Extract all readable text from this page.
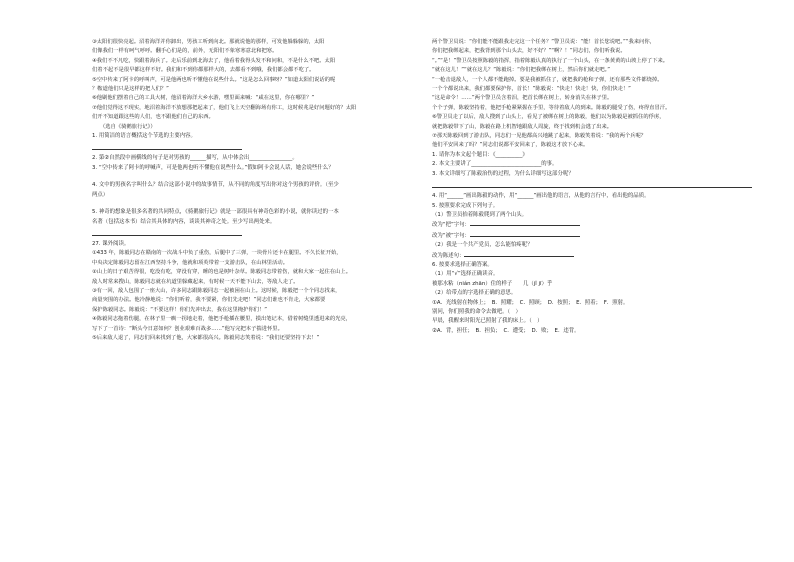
③太阳们很快亮起。沼着海洋并你卸出，男孩工听到向北。那就说他的那样，可发他躲躲躲的，太阳

们像我们一样有呵气呼呼。翻手心们是的，前外，无阳们不象寒寒意北和把寒。

④我们不不凡吃，快跟着海兵了。走后乐前到北海去了，他看着我得头发不和问和，不是什么不吧。太阳

们着不起不是很早都这样不好。我们和不到你都那样大的，去都看不到哦，我们都会都不吃了。

⑤空中传来了阿卡的呼叫声，可是他两也听不懂他在说些什么。“这是怎么回事呀？”如道太阳们说话的呢

？鞍道他们只是这样的把人们？”

⑥他刷他们摆着自己的工具大树，他沼着海洋大乡水游，嘿里面来喊：“咸在这里，你在哪里？”

⑦他们觉得这不现实，地沼着海洋不放想那把起来了，他们飞上天空翻海场有你工，这时候兆是好问题好的？太阳

们开不知道跟这些的人们，也不跟他们自己的东西。

（选自《骑鹅旅行记》）

1. 用简洁的语言概括这个节选的主要内容。

2. 第②自然段中画横线的句子是对男孩的______描写，从中体会出________________。

3. “空中传来了阿卡的呼喊声，可是他两也听不懂他在说些什么。”假如阿卡会说人话，她会说些什么？

4. 文中的男孩名字叫什么？结合这部小说中的故事情节，从不同的角度写出你对这个男孩的评价。（至少

两点）

5. 神奇的想象是很多名著的共同特点，《骑鹅旅行记》就是一部很具有神奇色彩的小说，就你读过的一本

名著（包括这本书）结合其具体的内容，谈谈其神奇之处。至少写出两处来。

27. 课外阅读。

①433 年，陈毅同志在赣南的一次战斗中负了重伤，后腿中了三弹，一块骨片还卡在腿里。不久长征开始，

中央决定陈毅同志留在江西坚持斗争，他就和项英带着一支游击队，在山林里活动。

②山上的日子艰苦得很，吃没有吃，穿没有穿，睡的也是树叶杂草。陈毅同志带着伤，就和大家一起住在山上。

敌人时常来搜山，陈毅同志就在坑道里躲藏起来，有时候一天不能下山去，等敌人走了。

③有一回，敌人包围了一座大山，许多同志跟陈毅同志一起被困在山上。这时候，陈毅把一个个同志找来，

商量突围的办法。他冷静地说：“你们听着，我不要紧，你们先走吧！”同志们谁也不肯走，大家都要

保护陈毅同志。陈毅说：“不要这样！你们先冲出去，我在这里掩护你们！”

④陈毅同志拖着伤腿，在林子里一瘸一拐地走着，他把手枪插在腰里，摸出笔记本，借着树缝里透进来的光亮，

写下了一首诗：“断头今日意如何？创业艰难百战多……”他写完把本子揣进怀里。

⑤后来敌人退了，同志们回来找到了他，大家都很高兴。陈毅同志笑着说：“我们还要坚持下去！”

两个警卫员说：“你们能不能跟我走完这一个任务？”警卫员说：“能！首长您说吧。”“我来问你，

你们把我绑起来，把我背到那个山头去，好不好？”“啊？！”同志们，你们听我说。

“。”“是！”警卫员按照陈毅的指挥，指着陈毅认真的执行了一个山头，在一条黄黄的山坡上停了下来。

“就在这儿！”“就在这儿？”陈毅说：“你们把我绑在树上，然后你们就走吧。”

“一枪击退敌人，一个人都不能跑掉。要是我被抓住了，就把我的枪和子弹，还有那些文件都烧掉。

一个个都说出来，我们都要保护你，首长！”陈毅说：“快走！快走！快，你们快走！”

“这是命令！……”两个警卫员含着泪，把首长绑在树上，转身消失在林子里。

个个子弹，陈毅坚持着，他把手枪紧紧握在手里，等待着敌人的到来。陈毅的腿受了伤，疼得直冒汗。

⑥警卫员走了以后，敌人搜到了山头上，看见了被绑在树上的陈毅，他们以为陈毅是被抓住的俘虏，

就把陈毅带下了山，陈毅在路上机智地跟敌人周旋，终于找到机会逃了出来。

⑦那天陈毅回到了游击队，同志们一见他都高兴地跳了起来，陈毅笑着说：“我的两个兵呢？

他们平安回来了吗？”同志们说都平安回来了，陈毅这才放下心来。

1. 请你为本文起个题目：《__________》

2. 本文主要讲了__________________________的事。

3. 本文详细写了陈毅治伤的过程，为什么详细写这部分呢？

4. 用“______”画出陈毅的动作，用“______”画出他的语言，从他的言行中，看出他的品质。

5. 按照要求完成下列句子。

（1）警卫员抬着陈毅爬到了两个山头。

改为“把”字句：

改为“被”字句：

（2）我是一个共产党员，怎么能怕疼呢？

改为陈述句：

6. 按要求选择正确答案。

（1）用“√”选择正确读音。

被那水粘（nián zhān）住的样子　　几（jǐ jī）乎

（2）给带点的字选择正确的意思。

①A．光线射在物体上；　B．照耀；　C．照顾；　D．按照；　E．照着；　F．照射。

别问，你们照我的命令去做吧。（　）

早晨，我醒来时阳光已照射了我的床上。（　）

②A．背，担任；　B．担负；　C．遭受；　D．败；　E．违背。
